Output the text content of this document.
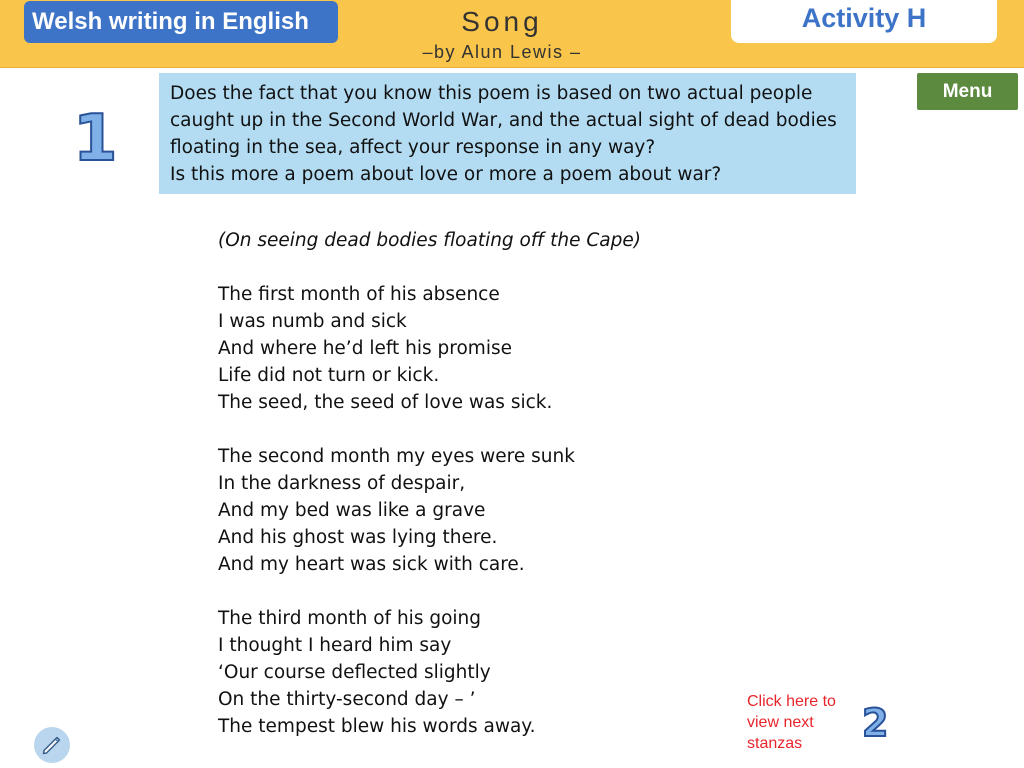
Welsh writing in English	Song
–by Alun Lewis –
Activity H
Menu
1
Does the fact that you know this poem is based on two actual people
caught up in the Second World War, and the actual sight of dead bodies
floating in the sea, affect your response in any way?
Is this more a poem about love or more a poem about war?
(On seeing dead bodies floating off the Cape)
The first month of his absence
I was numb and sick
And where he’d left his promise
Life did not turn or kick.
The seed, the seed of love was sick.
The second month my eyes were sunk
In the darkness of despair,
And my bed was like a grave
And his ghost was lying there.
And my heart was sick with care.
The third month of his going
I thought I heard him say
‘Our course deflected slightly
On the thirty-second day – ’
The tempest blew his words away.
Click here to
view next
stanzas	2
